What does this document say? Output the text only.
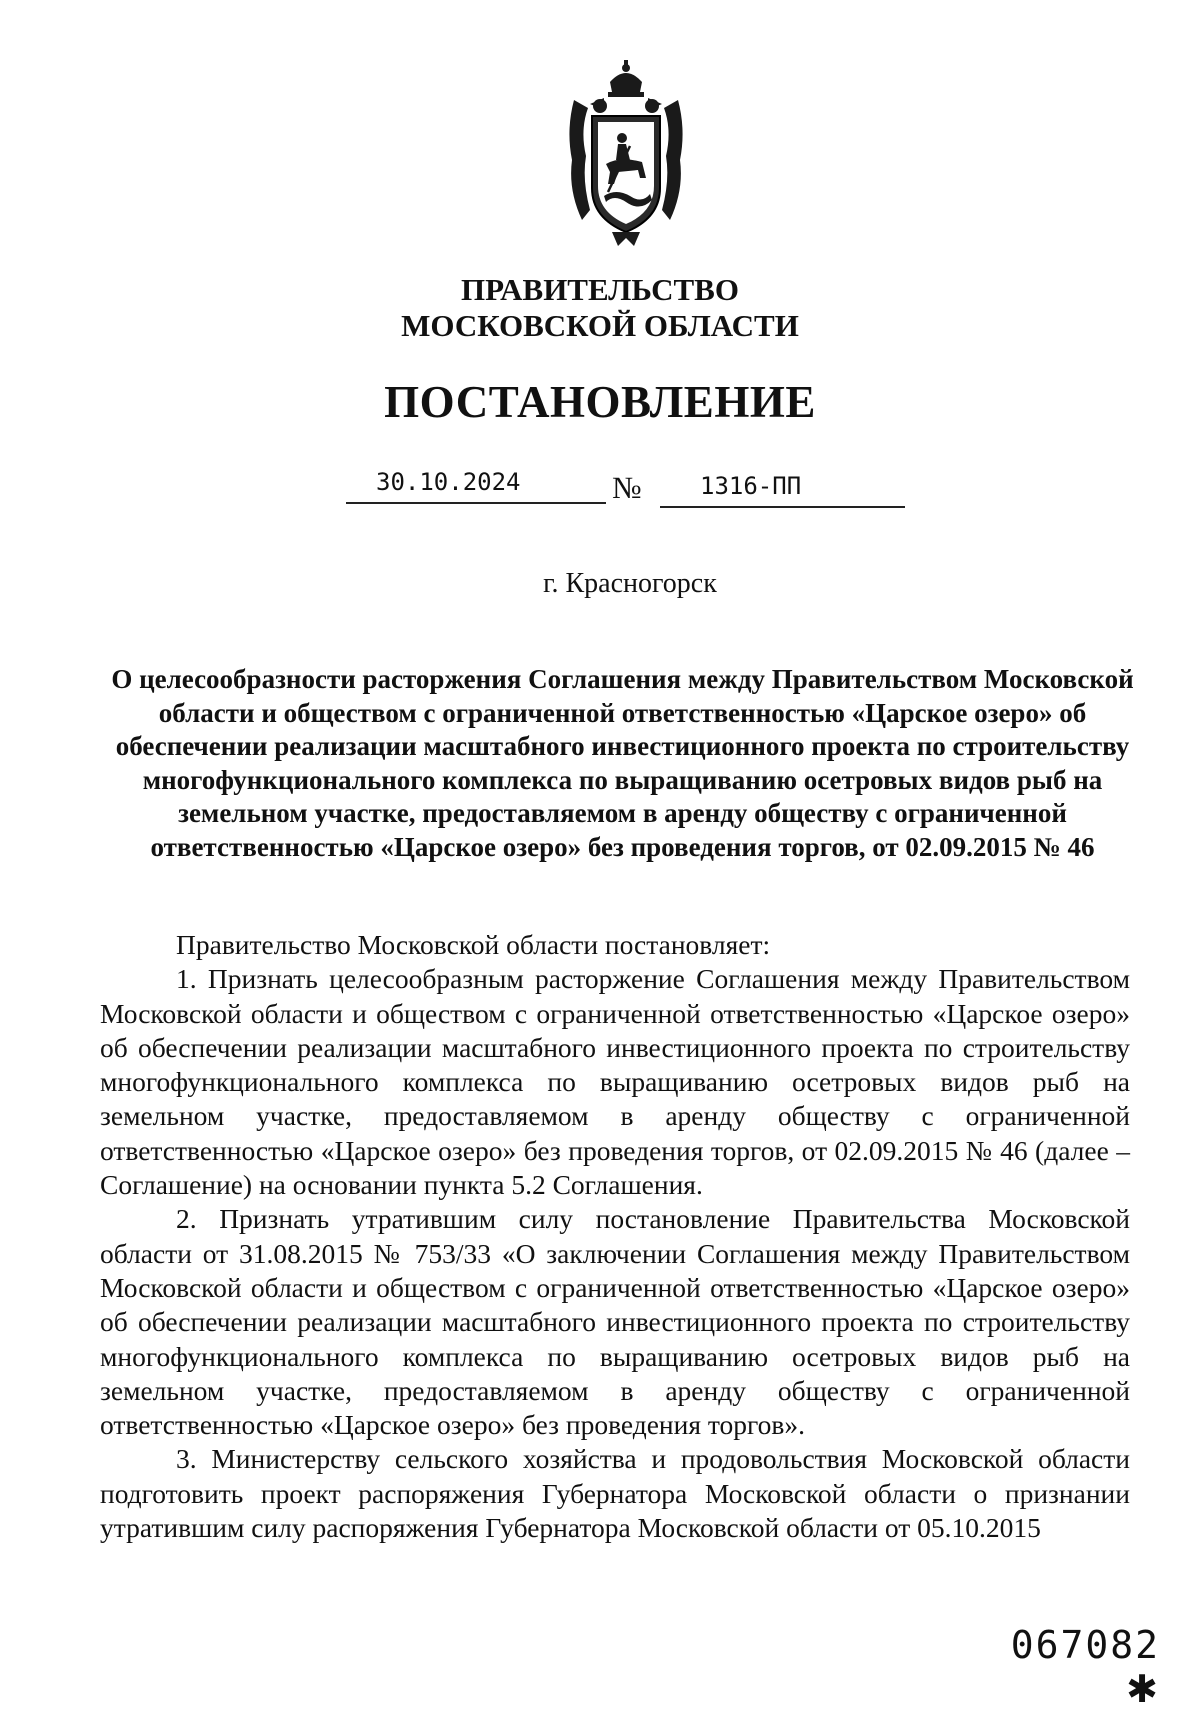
ПРАВИТЕЛЬСТВО
МОСКОВСКОЙ ОБЛАСТИ
ПОСТАНОВЛЕНИЕ
30.10.2024	№ 1316-ПП
г. Красногорск

О целесообразности расторжения Соглашения между Правительством Московской области и обществом с ограниченной ответственностью «Царское озеро» об обеспечении реализации масштабного инвестиционного проекта по строительству многофункционального комплекса по выращиванию осетровых видов рыб на земельном участке, предоставляемом в аренду обществу с ограниченной ответственностью «Царское озеро» без проведения торгов, от 02.09.2015 № 46

Правительство Московской области постановляет:

1. Признать целесообразным расторжение Соглашения между Правительством Московской области и обществом с ограниченной ответственностью «Царское озеро» об обеспечении реализации масштабного инвестиционного проекта по строительству многофункционального комплекса по выращиванию осетровых видов рыб на земельном участке, предоставляемом в аренду обществу с ограниченной ответственностью «Царское озеро» без проведения торгов, от 02.09.2015 № 46 (далее – Соглашение) на основании пункта 5.2 Соглашения.

2. Признать утратившим силу постановление Правительства Московской области от 31.08.2015 № 753/33 «О заключении Соглашения между Правительством Московской области и обществом с ограниченной ответственностью «Царское озеро» об обеспечении реализации масштабного инвестиционного проекта по строительству многофункционального комплекса по выращиванию осетровых видов рыб на земельном участке, предоставляемом в аренду обществу с ограниченной ответственностью «Царское озеро» без проведения торгов».

3. Министерству сельского хозяйства и продовольствия Московской области подготовить проект распоряжения Губернатора Московской области о признании утратившим силу распоряжения Губернатора Московской области от 05.10.2015

067082 ✱
